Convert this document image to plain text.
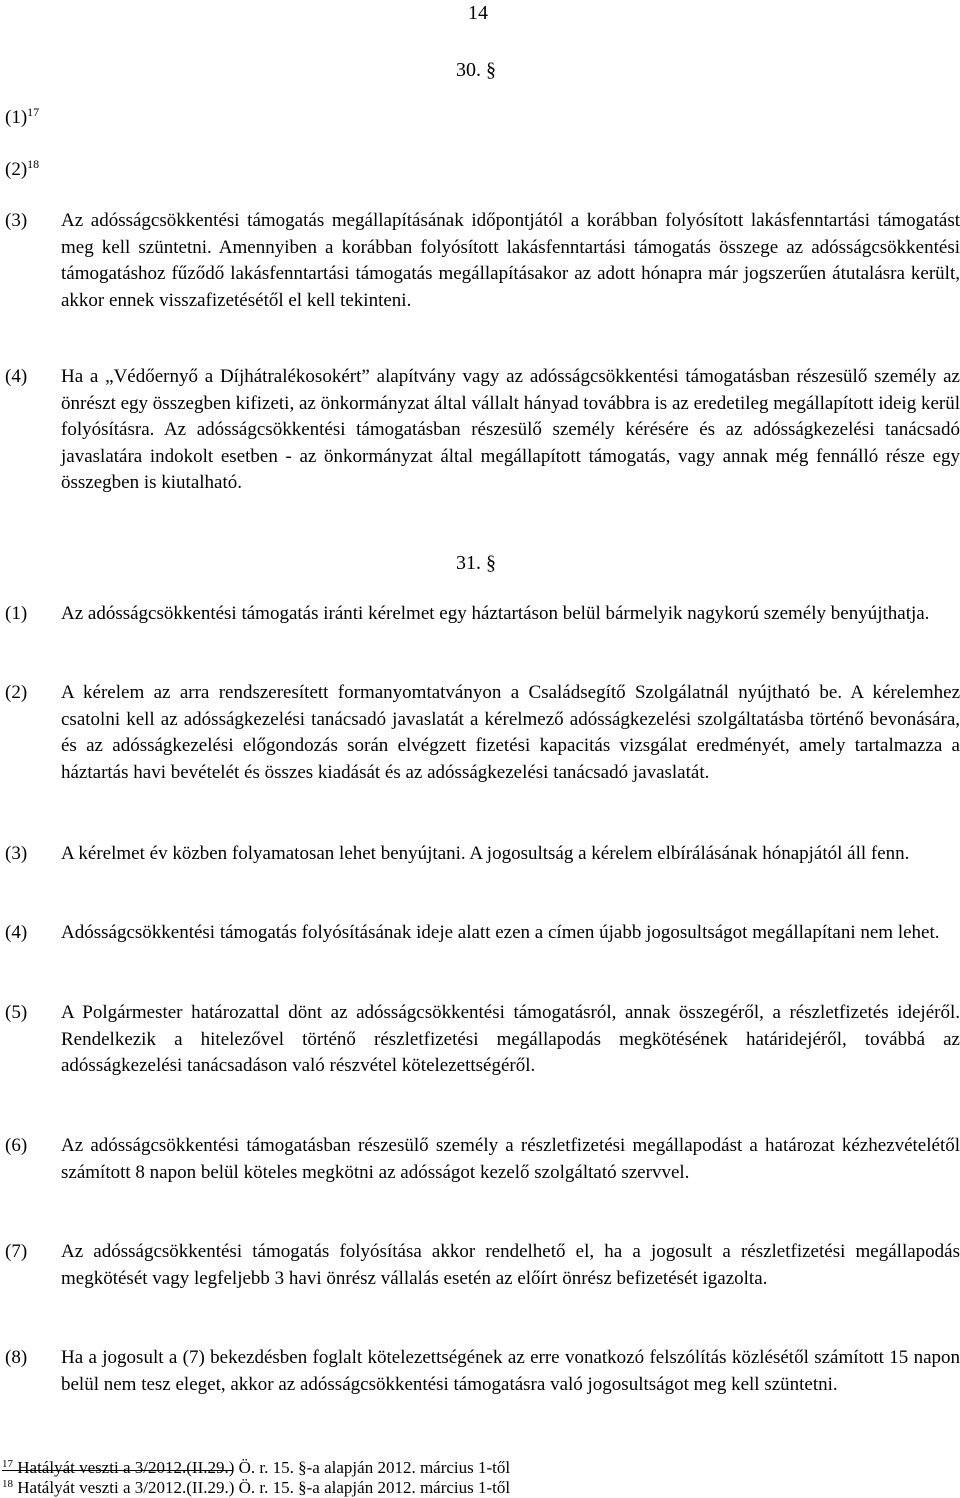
14
30. §
$(1)^{17}$
$(2)^{18}$
(3) Az adósságcsökkentési támogatás megállapításának időpontjától a korábban folyósított lakásfenntartási támogatást meg kell szüntetni. Amennyiben a korábban folyósított lakásfenntartási támogatás összege az adósságcsökkentési támogatáshoz fűződő lakásfenntartási támogatás megállapításakor az adott hónapra már jogszerűen átutalásra került, akkor ennek visszafizetésétől el kell tekinteni.
(4) Ha a „Védőernyő a Díjhátralékosokért” alapítvány vagy az adósságcsökkentési támogatásban részesülő személy az önrészt egy összegben kifizeti, az önkormányzat által vállalt hányad továbbra is az eredetileg megállapított ideig kerül folyósításra. Az adósságcsökkentési támogatásban részesülő személy kérésére és az adósságkezelési tanácsadó javaslatára indokolt esetben - az önkormányzat által megállapított támogatás, vagy annak még fennálló része egy összegben is kiutalható.
31. §
(1) Az adósságcsökkentési támogatás iránti kérelmet egy háztartáson belül bármelyik nagykorú személy benyújthatja.
(2) A kérelem az arra rendszeresített formanyomtatványon a Családsegítő Szolgálatnál nyújtható be. A kérelemhez csatolni kell az adósságkezelési tanácsadó javaslatát a kérelmező adósságkezelési szolgáltatásba történő bevonására, és az adósságkezelési előgondozás során elvégzett fizetési kapacitás vizsgálat eredményét, amely tartalmazza a háztartás havi bevételét és összes kiadását és az adósságkezelési tanácsadó javaslatát.
(3) A kérelmet év közben folyamatosan lehet benyújtani. A jogosultság a kérelem elbírálásának hónapjától áll fenn.
(4) Adósságcsökkentési támogatás folyósításának ideje alatt ezen a címen újabb jogosultságot megállapítani nem lehet.
(5) A Polgármester határozattal dönt az adósságcsökkentési támogatásról, annak összegéről, a részletfizetés idejéről. Rendelkezik a hitelezővel történő részletfizetési megállapodás megkötésének határidejéről, továbbá az adósságkezelési tanácsadáson való részvétel kötelezettségéről.
(6) Az adósságcsökkentési támogatásban részesülő személy a részletfizetési megállapodást a határozat kézhezvételétől számított 8 napon belül köteles megkötni az adósságot kezelő szolgáltató szervvel.
(7) Az adósságcsökkentési támogatás folyósítása akkor rendelhető el, ha a jogosult a részletfizetési megállapodás megkötését vagy legfeljebb 3 havi önrész vállalás esetén az előírt önrész befizetését igazolta.
(8) Ha a jogosult a (7) bekezdésben foglalt kötelezettségének az erre vonatkozó felszólítás közlésétől számított 15 napon belül nem tesz eleget, akkor az adósságcsökkentési támogatásra való jogosultságot meg kell szüntetni.
$^{17}$ Hatályát veszti a 3/2012.(II.29.) Ö. r. 15. §-a alapján 2012. március 1-től
$^{18}$ Hatályát veszti a 3/2012.(II.29.) Ö. r. 15. §-a alapján 2012. március 1-től
